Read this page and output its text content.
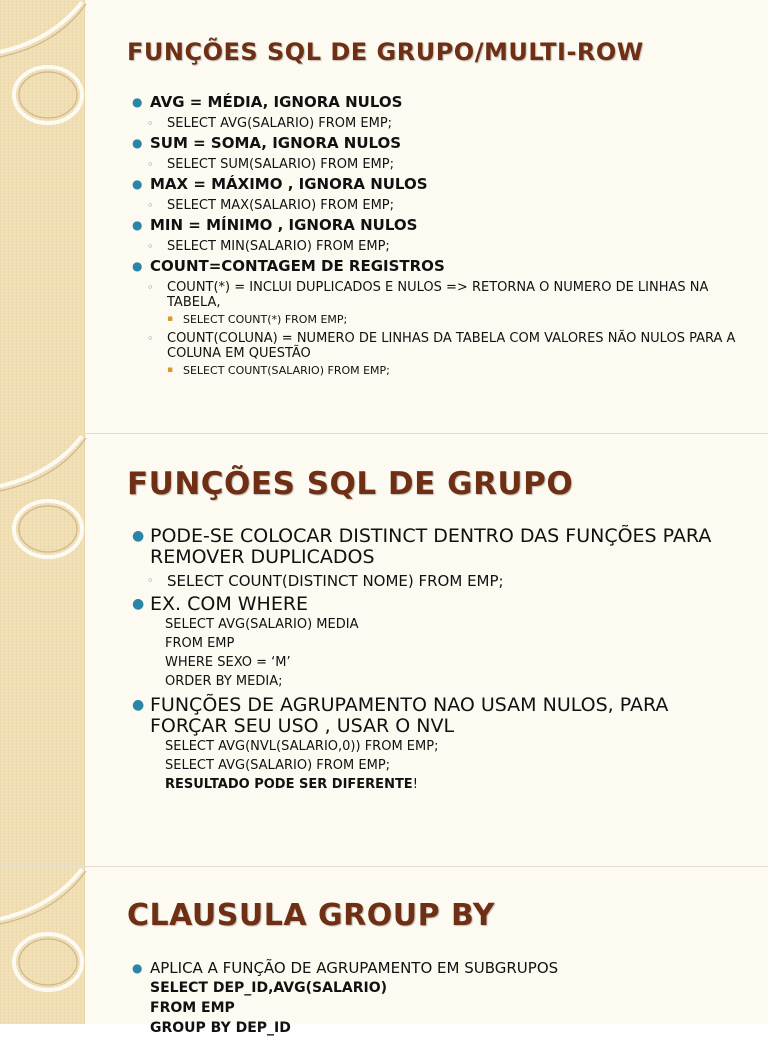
FUNÇÕES SQL DE GRUPO/MULTI-ROW
● AVG = MÉDIA, IGNORA NULOS
◦ SELECT AVG(SALARIO) FROM EMP;
● SUM = SOMA, IGNORA NULOS
◦ SELECT SUM(SALARIO) FROM EMP;
● MAX = MÁXIMO , IGNORA NULOS
◦ SELECT MAX(SALARIO) FROM EMP;
● MIN = MÍNIMO , IGNORA NULOS
◦ SELECT MIN(SALARIO) FROM EMP;
● COUNT=CONTAGEM DE REGISTROS
◦ COUNT(*) = INCLUI DUPLICADOS E NULOS => RETORNA O NUMERO DE LINHAS NA TABELA,
▪ SELECT COUNT(*) FROM EMP;
◦ COUNT(COLUNA) = NUMERO DE LINHAS DA TABELA COM VALORES NÃO NULOS PARA A COLUNA EM QUESTÃO
▪ SELECT COUNT(SALARIO) FROM EMP;
FUNÇÕES SQL DE GRUPO
● PODE-SE COLOCAR DISTINCT DENTRO DAS FUNÇÕES PARA REMOVER DUPLICADOS
◦ SELECT COUNT(DISTINCT NOME) FROM EMP;
● EX. COM WHERE
SELECT AVG(SALARIO) MEDIA
FROM EMP
WHERE SEXO = ‘M’
ORDER BY MEDIA;
● FUNÇÕES DE AGRUPAMENTO NAO USAM NULOS, PARA FORÇAR SEU USO , USAR O NVL
SELECT AVG(NVL(SALARIO,0)) FROM EMP;
SELECT AVG(SALARIO) FROM EMP;
RESULTADO PODE SER DIFERENTE!
CLAUSULA GROUP BY
● APLICA A FUNÇÃO DE AGRUPAMENTO EM SUBGRUPOS
SELECT DEP_ID,AVG(SALARIO)
FROM EMP
GROUP BY DEP_ID
